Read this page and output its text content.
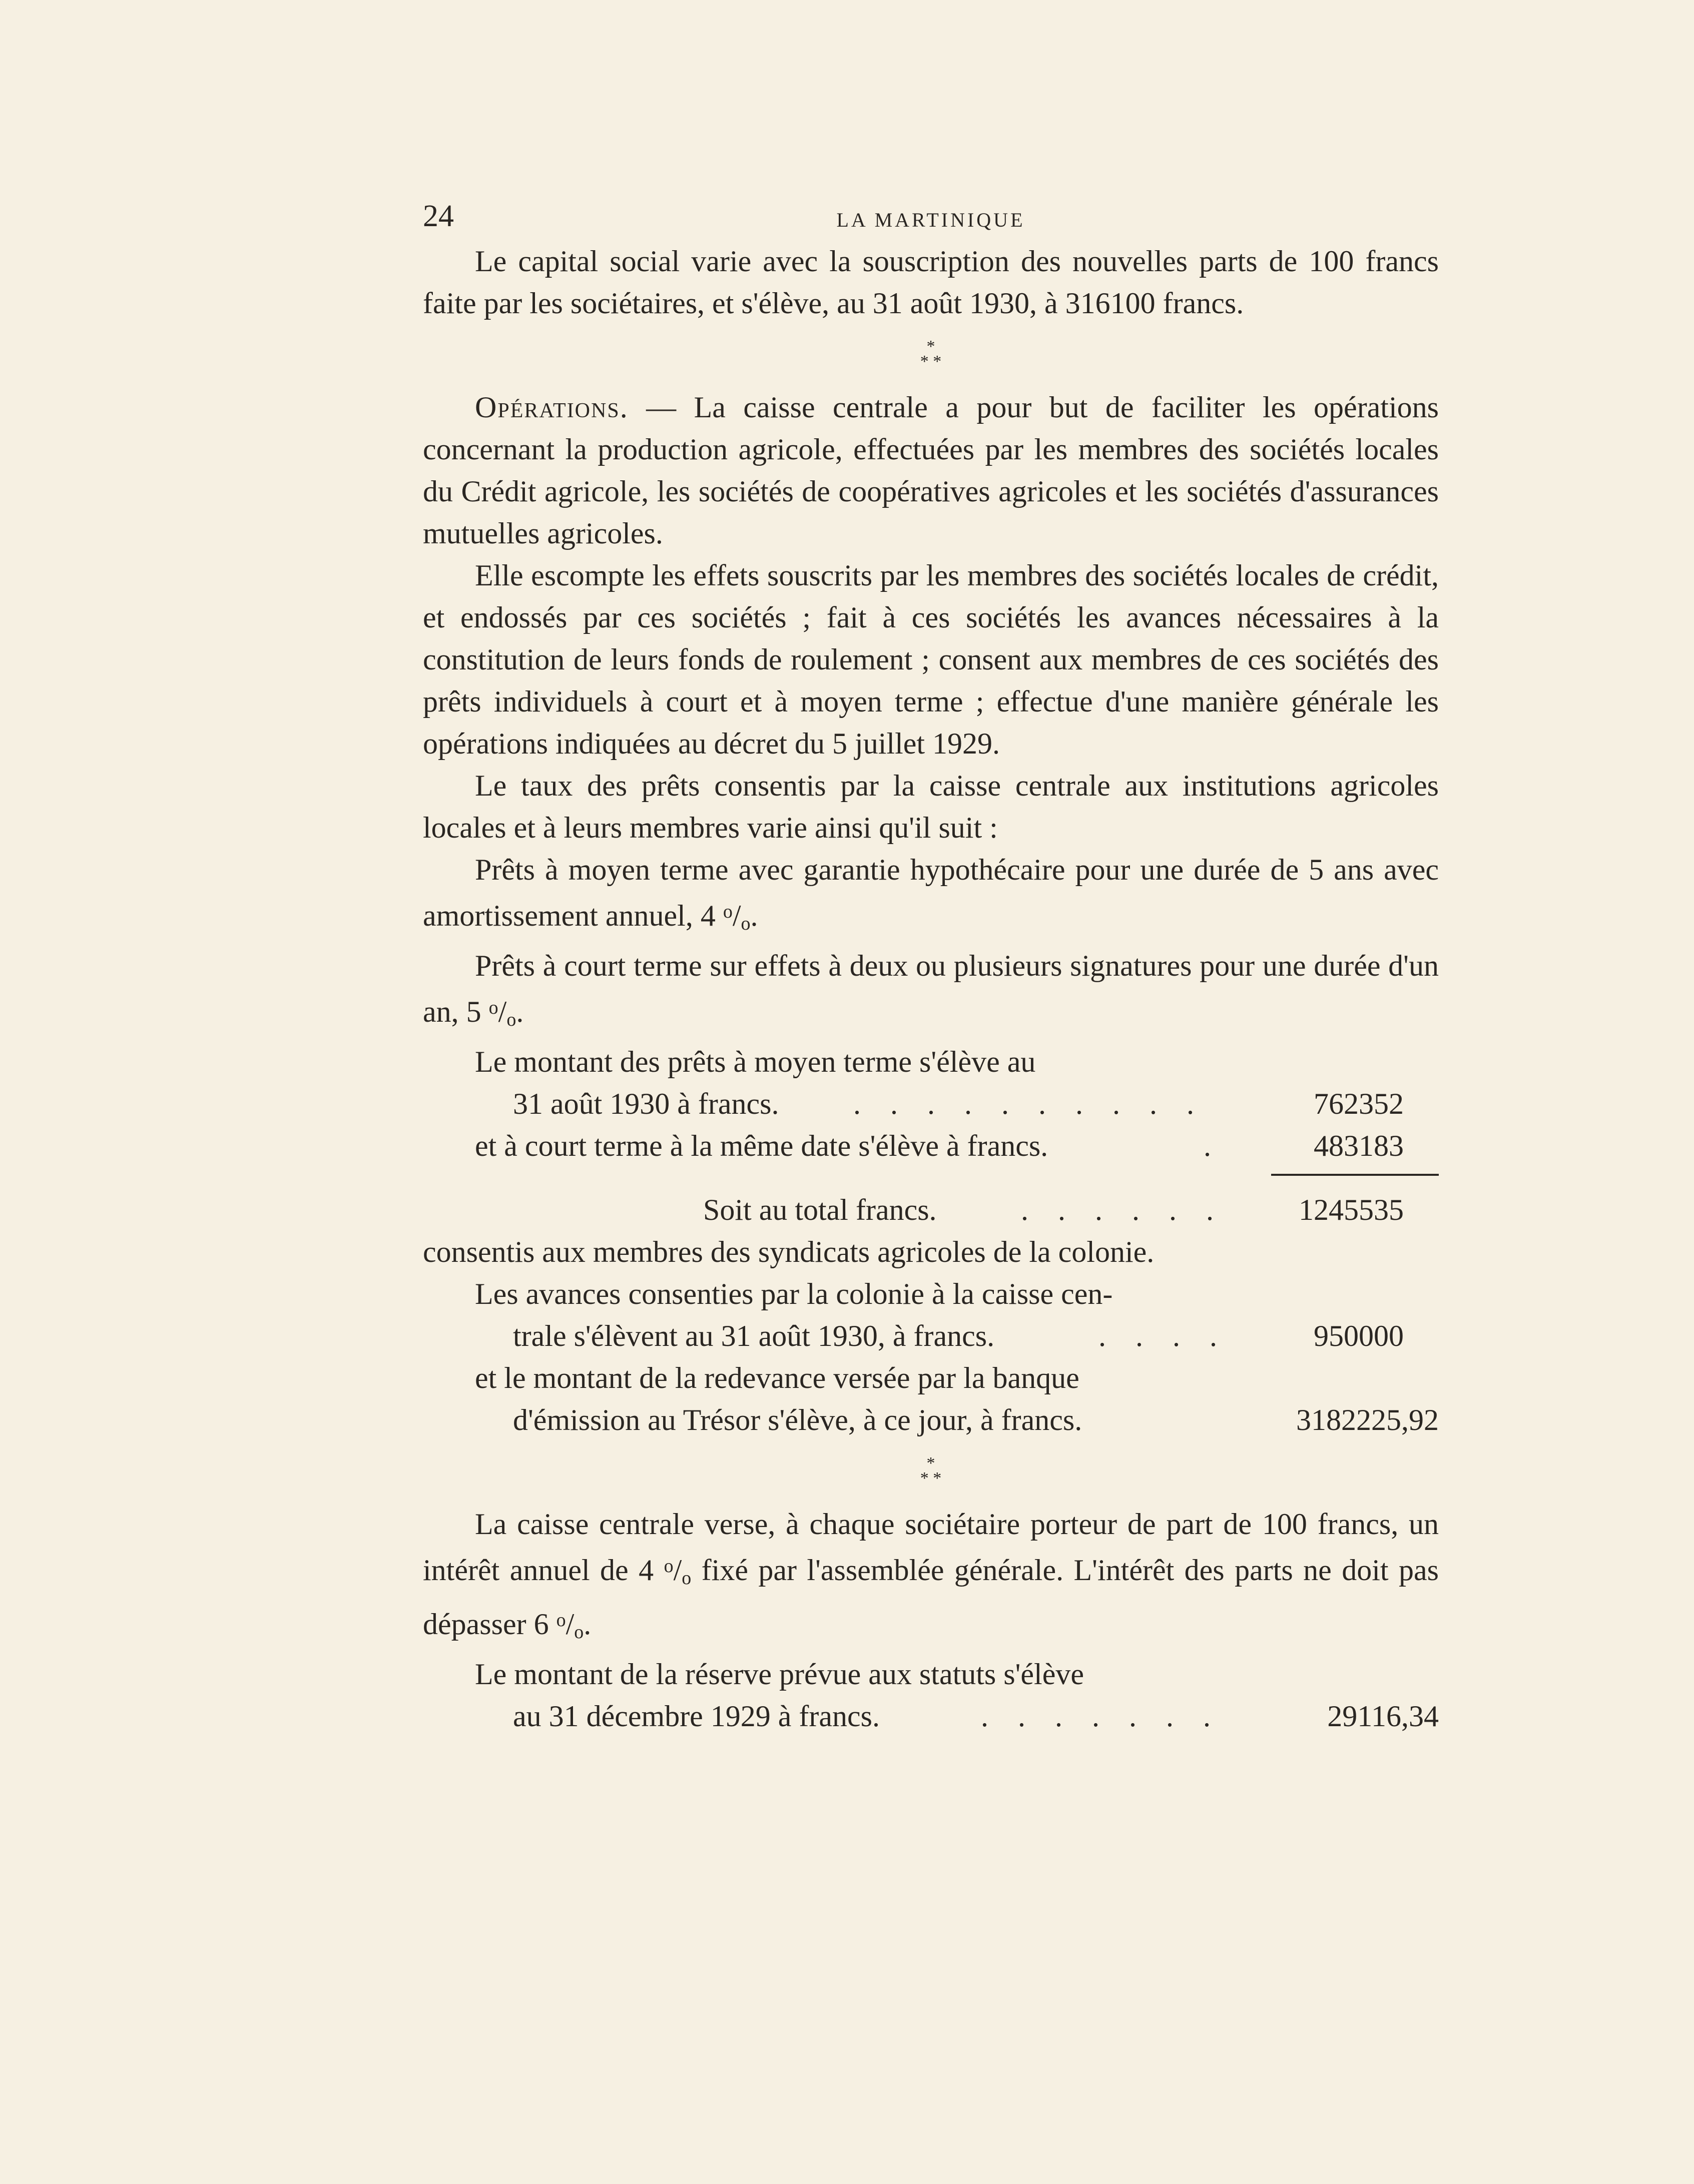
24	LA MARTINIQUE

Le capital social varie avec la souscription des nouvelles parts de 100 francs faite par les sociétaires, et s'élève, au 31 août 1930, à 316100 francs.

*
* *

Opérations. — La caisse centrale a pour but de faciliter les opérations concernant la production agricole, effectuées par les membres des sociétés locales du Crédit agricole, les sociétés de coopératives agricoles et les sociétés d'assurances mutuelles agricoles.

Elle escompte les effets souscrits par les membres des sociétés locales de crédit, et endossés par ces sociétés ; fait à ces sociétés les avances nécessaires à la constitution de leurs fonds de roulement ; consent aux membres de ces sociétés des prêts individuels à court et à moyen terme ; effectue d'une manière générale les opérations indiquées au décret du 5 juillet 1929.

Le taux des prêts consentis par la caisse centrale aux institutions agricoles locales et à leurs membres varie ainsi qu'il suit :

Prêts à moyen terme avec garantie hypothécaire pour une durée de 5 ans avec amortissement annuel, 4 $^o/_o$.

Prêts à court terme sur effets à deux ou plusieurs signatures pour une durée d'un an, 5 $^o/_o$.

Le montant des prêts à moyen terme s'élève au
31 août 1930 à francs. . . . . . . . . . .	762352
et à court terme à la même date s'élève à francs.	.	483183
Soit au total francs.	. . . . . . 1245535

consentis aux membres des syndicats agricoles de la colonie.

Les avances consenties par la colonie à la caisse cen-
trale s'élèvent au 31 août 1930, à francs.	. . . .	950000
et le montant de la redevance versée par la banque
d'émission au Trésor s'élève, à ce jour, à francs.	3182225,92
*
* *

La caisse centrale verse, à chaque sociétaire porteur de part de 100 francs, un intérêt annuel de 4 $^o/_o$ fixé par l'assemblée générale. L'intérêt des parts ne doit pas dépasser 6 $^o/_o$.

Le montant de la réserve prévue aux statuts s'élève
au 31 décembre 1929 à francs.	. . . . . . .	29116,34
